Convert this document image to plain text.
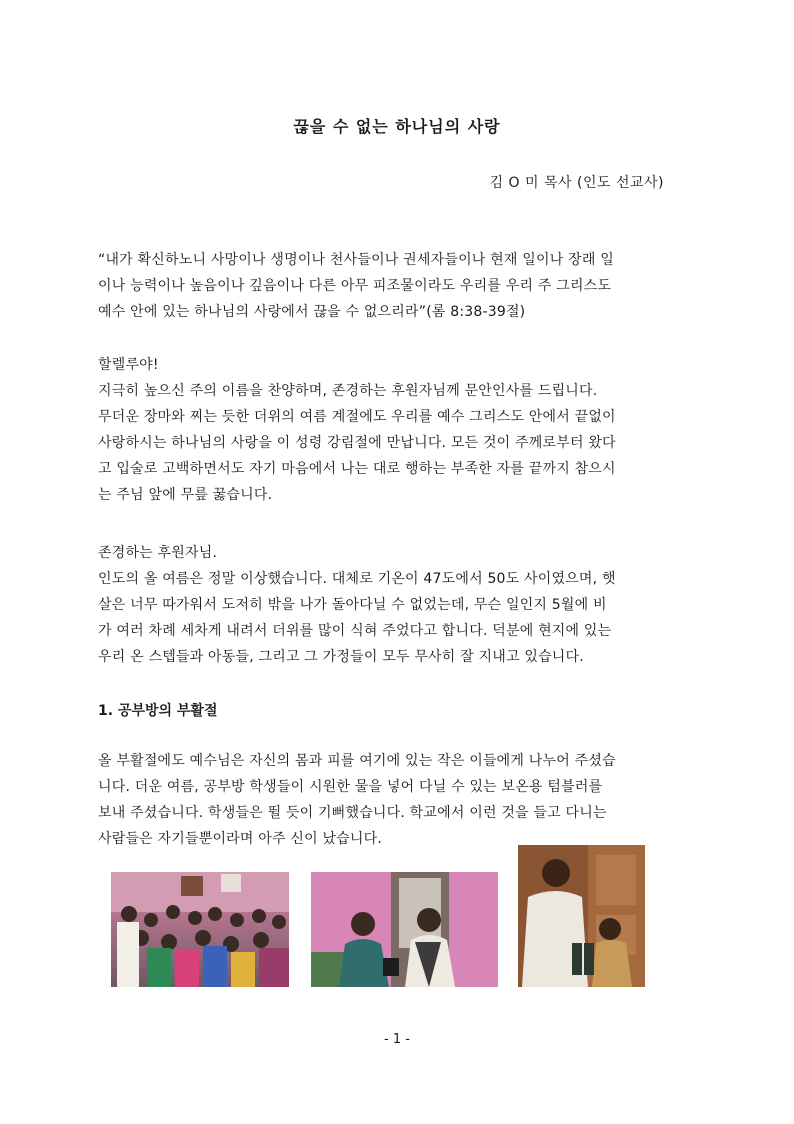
끊을 수 없는 하나님의 사랑
김 O 미 목사 (인도 선교사)
“내가 확신하노니 사망이나 생명이나 천사들이나 권세자들이나 현재 일이나 장래 일
이나 능력이나 높음이나 깊음이나 다른 아무 피조물이라도 우리를 우리 주 그리스도
예수 안에 있는 하나님의 사랑에서 끊을 수 없으리라”(롬 8:38-39절)
할렐루야!
지극히 높으신 주의 이름을 찬양하며, 존경하는 후원자님께 문안인사를 드립니다.
무더운 장마와 찌는 듯한 더위의 여름 계절에도 우리를 예수 그리스도 안에서 끝없이
사랑하시는 하나님의 사랑을 이 성령 강림절에 만납니다. 모든 것이 주께로부터 왔다
고 입술로 고백하면서도 자기 마음에서 나는 대로 행하는 부족한 자를 끝까지 참으시
는 주님 앞에 무릎 꿇습니다.
존경하는 후원자님.
인도의 올 여름은 정말 이상했습니다. 대체로 기온이 47도에서 50도 사이였으며, 햇
살은 너무 따가워서 도저히 밖을 나가 돌아다닐 수 없었는데, 무슨 일인지 5월에 비
가 여러 차례 세차게 내려서 더위를 많이 식혀 주었다고 합니다. 덕분에 현지에 있는
우리 온 스텝들과 아동들, 그리고 그 가정들이 모두 무사히 잘 지내고 있습니다.
1. 공부방의 부활절
올 부활절에도 예수님은 자신의 몸과 피를 여기에 있는 작은 이들에게 나누어 주셨습
니다. 더운 여름, 공부방 학생들이 시원한 물을 넣어 다닐 수 있는 보온용 텀블러를
보내 주셨습니다. 학생들은 뛸 듯이 기뻐했습니다. 학교에서 이런 것을 들고 다니는
사람들은 자기들뿐이라며 아주 신이 났습니다.
- 1 -
